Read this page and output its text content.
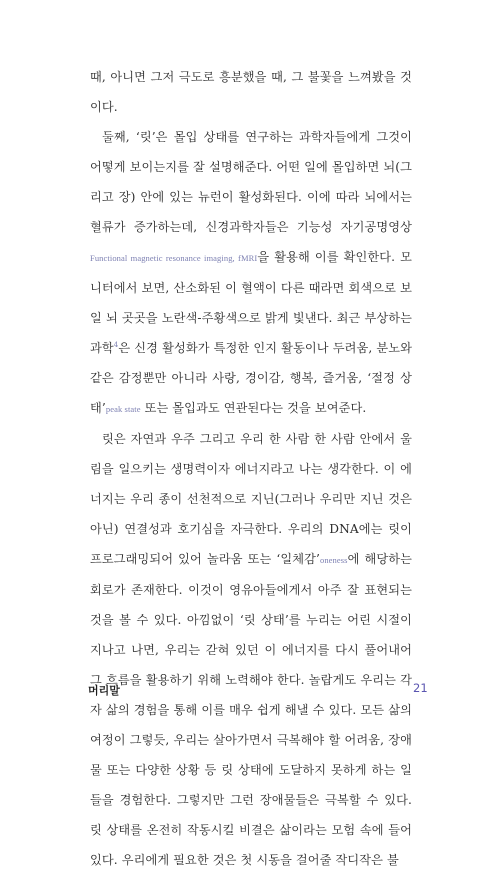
때, 아니면 그저 극도로 흥분했을 때, 그 불꽃을 느껴봤을 것이다.

둘째, ‘릿’은 몰입 상태를 연구하는 과학자들에게 그것이 어떻게 보이는지를 잘 설명해준다. 어떤 일에 몰입하면 뇌(그리고 장) 안에 있는 뉴런이 활성화된다. 이에 따라 뇌에서는 혈류가 증가하는데, 신경과학자들은 기능성 자기공명영상Functional magnetic resonance imaging, fMRI을 활용해 이를 확인한다. 모니터에서 보면, 산소화된 이 혈액이 다른 때라면 회색으로 보일 뇌 곳곳을 노란색-주황색으로 밝게 빛낸다. 최근 부상하는 과학$^4$은 신경 활성화가 특정한 인지 활동이나 두려움, 분노와 같은 감정뿐만 아니라 사랑, 경이감, 행복, 즐거움, ‘절정 상태’peak state 또는 몰입과도 연관된다는 것을 보여준다.

릿은 자연과 우주 그리고 우리 한 사람 한 사람 안에서 울림을 일으키는 생명력이자 에너지라고 나는 생각한다. 이 에너지는 우리 종이 선천적으로 지닌(그러나 우리만 지닌 것은 아닌) 연결성과 호기심을 자극한다. 우리의 DNA에는 릿이 프로그래밍되어 있어 놀라움 또는 ‘일체감’oneness에 해당하는 회로가 존재한다. 이것이 영유아들에게서 아주 잘 표현되는 것을 볼 수 있다. 아낌없이 ‘릿 상태’를 누리는 어린 시절이 지나고 나면, 우리는 갇혀 있던 이 에너지를 다시 풀어내어 그 흐름을 활용하기 위해 노력해야 한다. 놀랍게도 우리는 각자 삶의 경험을 통해 이를 매우 쉽게 해낼 수 있다. 모든 삶의 여정이 그렇듯, 우리는 살아가면서 극복해야 할 어려움, 장애물 또는 다양한 상황 등 릿 상태에 도달하지 못하게 하는 일들을 경험한다. 그렇지만 그런 장애물들은 극복할 수 있다. 릿 상태를 온전히 작동시킬 비결은 삶이라는 모험 속에 들어 있다. 우리에게 필요한 것은 첫 시동을 걸어줄 작디작은 불

머리말	21
